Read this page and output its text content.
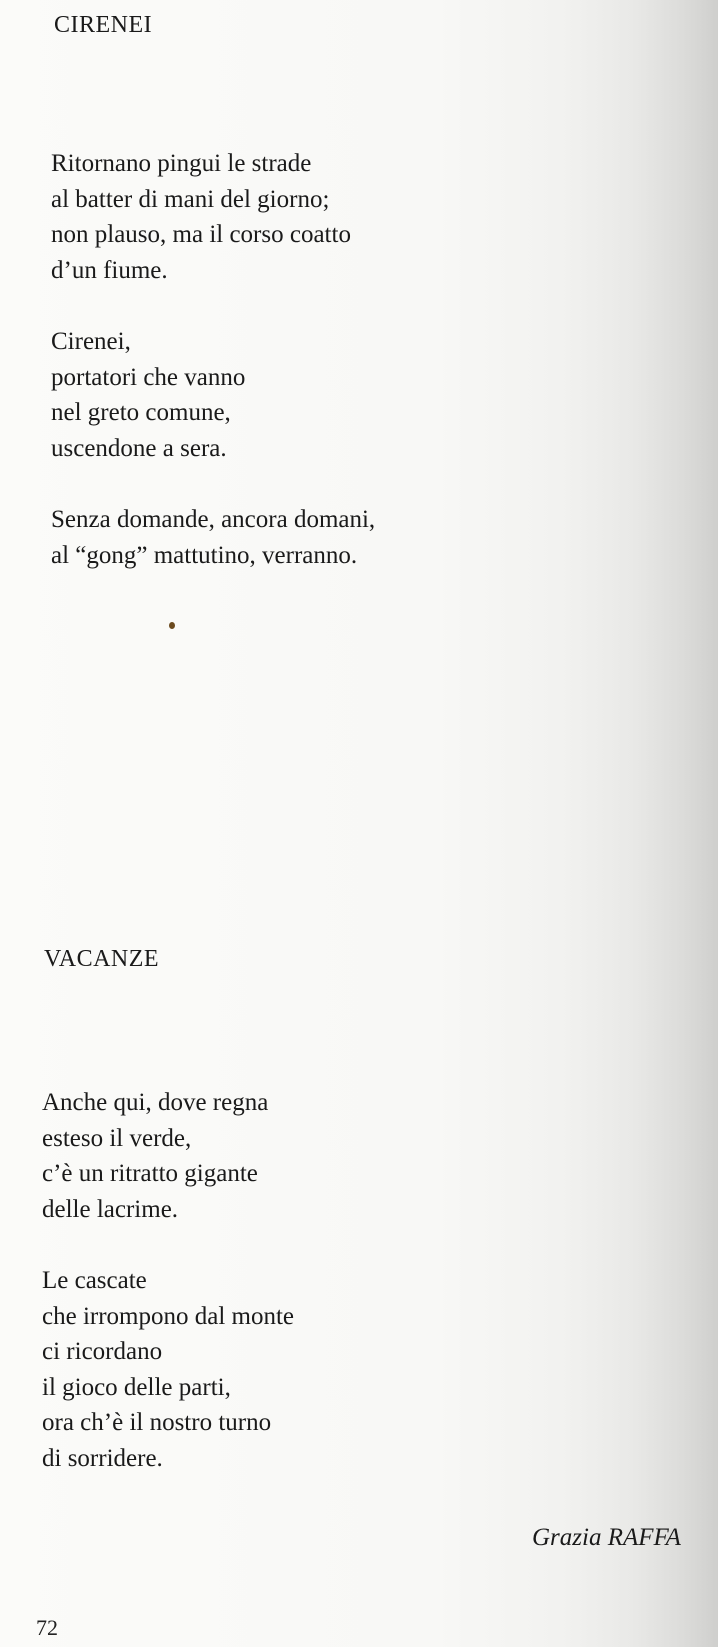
CIRENEI

Ritornano pingui le strade
al batter di mani del giorno;
non plauso, ma il corso coatto
d’un fiume.

Cirenei,
portatori che vanno
nel greto comune,
uscendone a sera.

Senza domande, ancora domani,
al “gong” mattutino, verranno.

VACANZE

Anche qui, dove regna
esteso il verde,
c’è un ritratto gigante
delle lacrime.

Le cascate
che irrompono dal monte
ci ricordano
il gioco delle parti,
ora ch’è il nostro turno
di sorridere.

Grazia RAFFA
72
